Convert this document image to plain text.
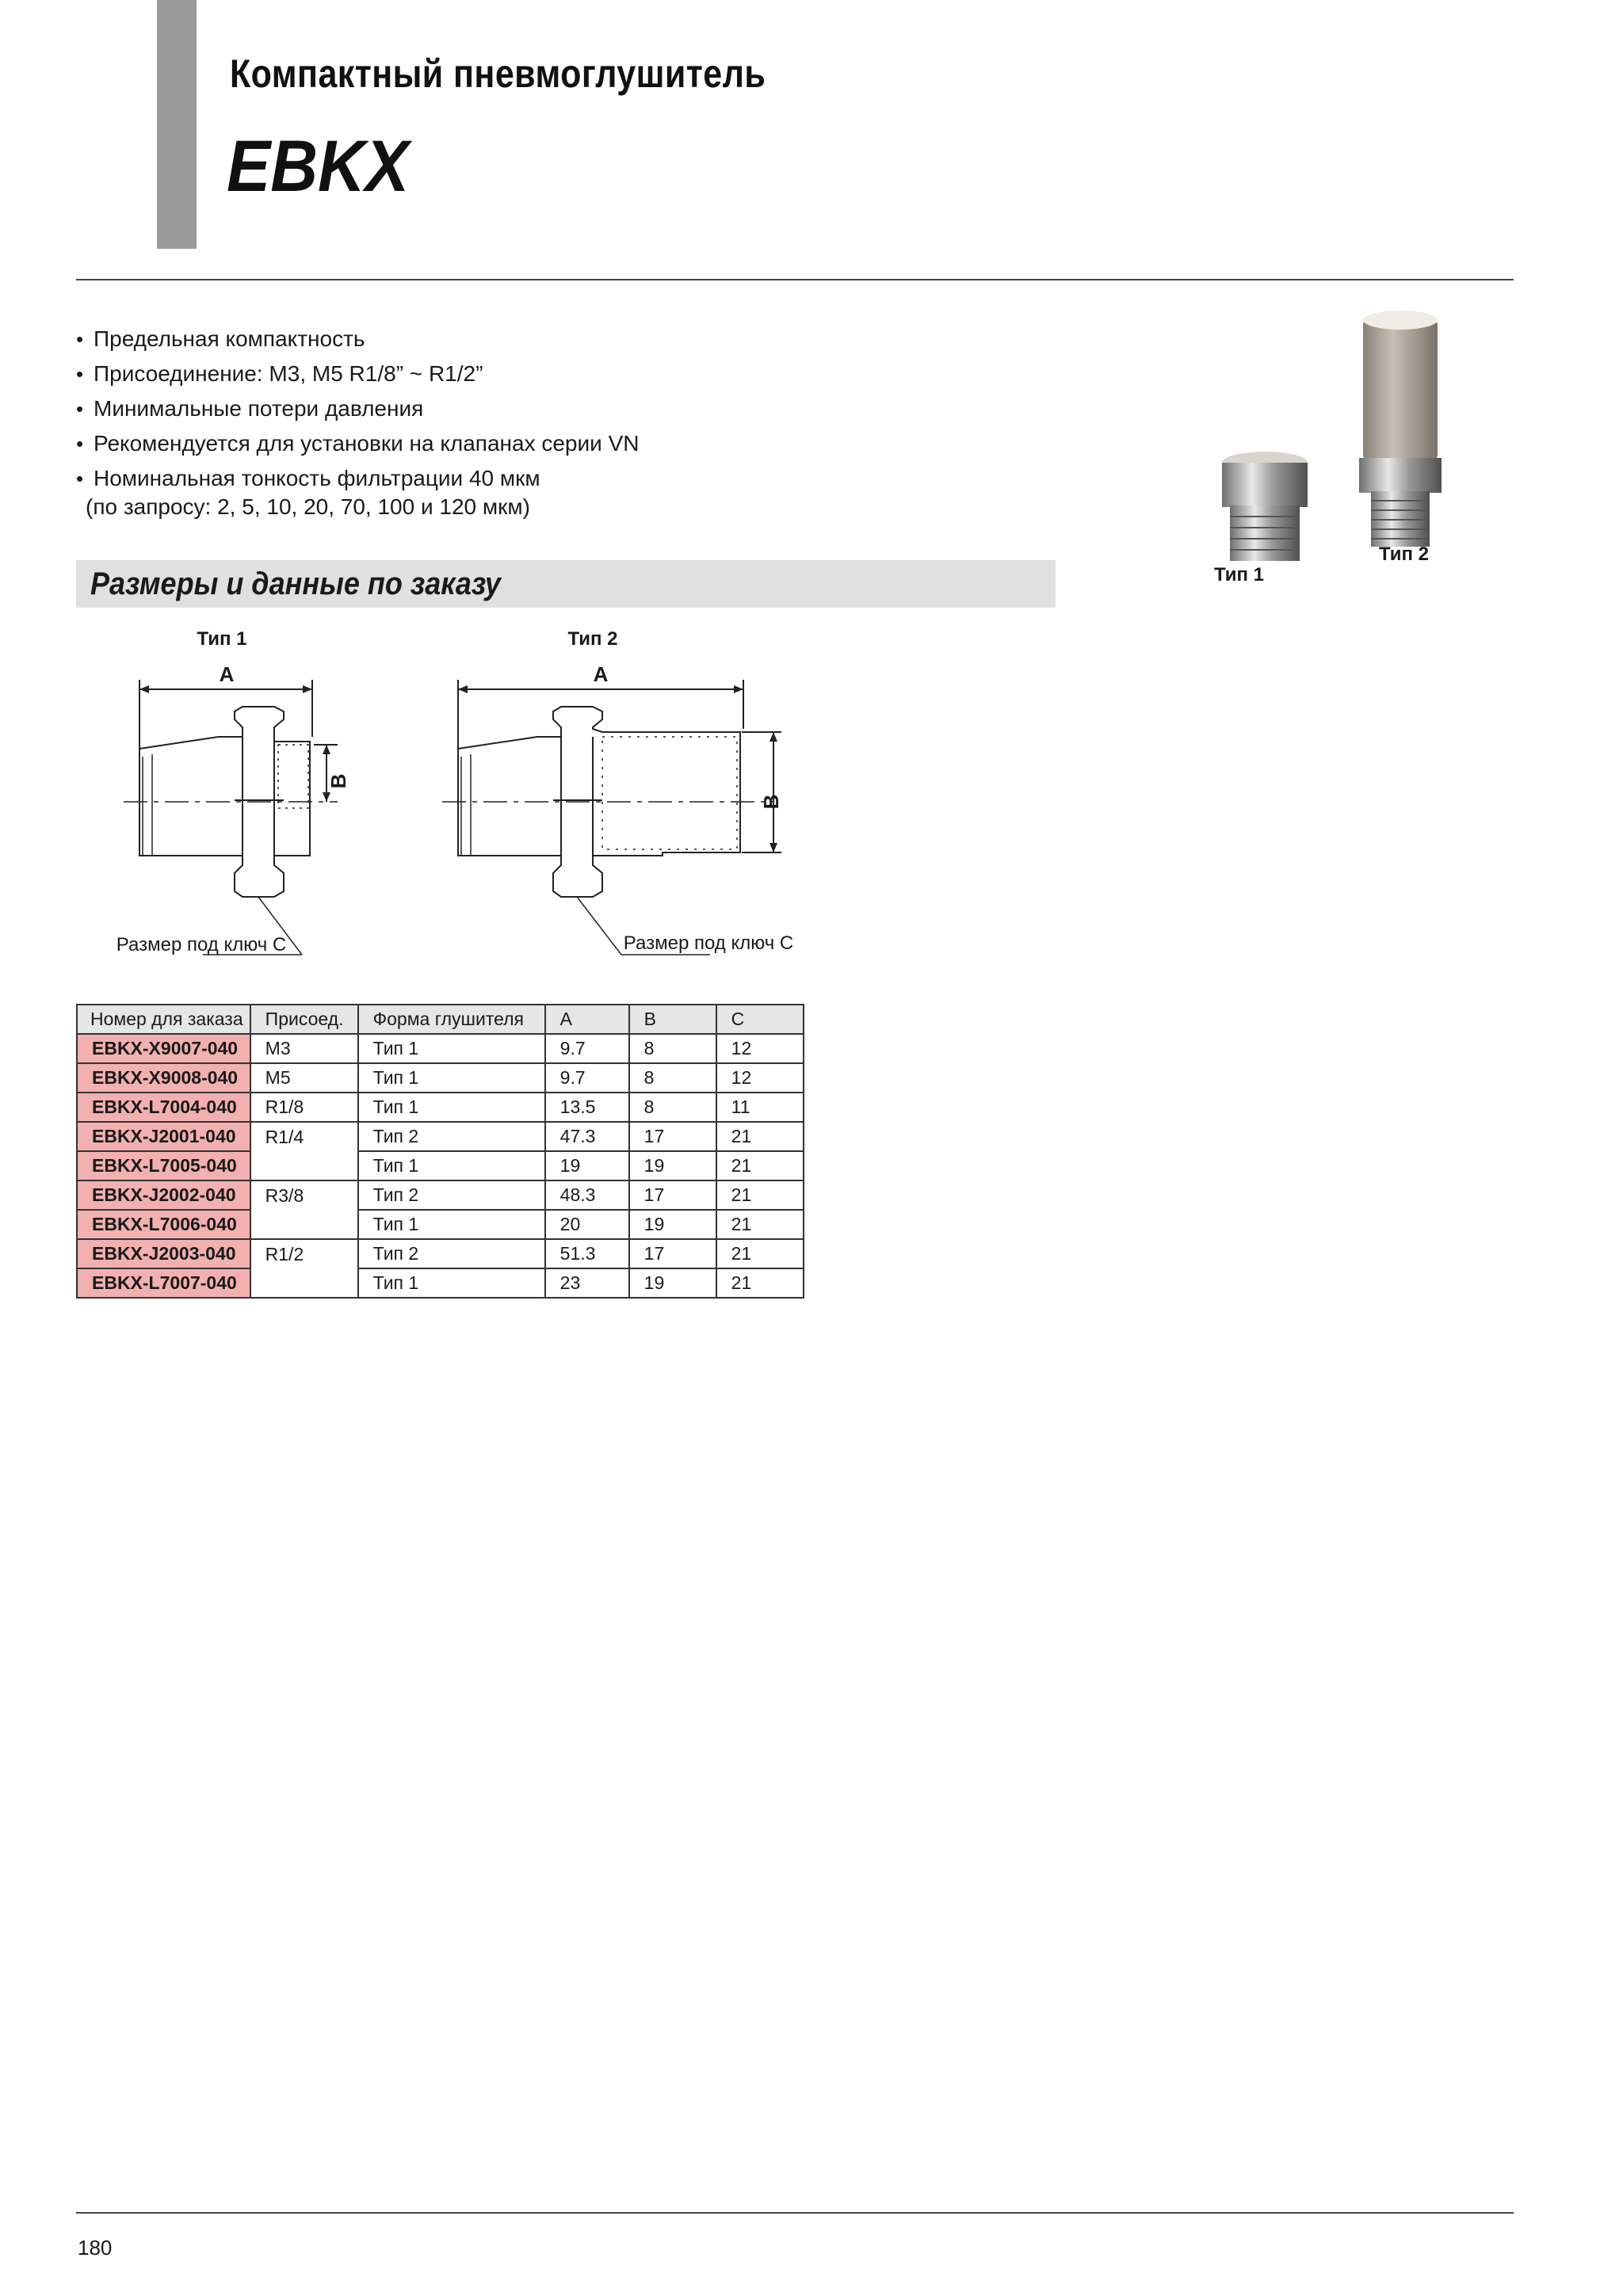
Компактный пневмоглушитель
EBKX
• Предельная компактность
• Присоединение: M3, M5 R1/8” ~ R1/2”
• Минимальные потери давления
• Рекомендуется для установки на клапанах серии VN
• Номинальная тонкость фильтрации 40 мкм
(по запросу: 2, 5, 10, 20, 70, 100 и 120 мкм)
Тип 1
Тип 2
Размеры и данные по заказу
Тип 1
A
B
Размер под ключ C
Тип 2
A
B
Размер под ключ C
Номер для заказа	Присоед.	Форма глушителя	A	B	C
EBKX-X9007-040	M3	Тип 1	9.7	8	12
EBKX-X9008-040	M5	Тип 1	9.7	8	12
EBKX-L7004-040	R1/8	Тип 1	13.5	8	11
EBKX-J2001-040	R1/4	Тип 2	47.3	17	21
EBKX-L7005-040		Тип 1	19	19	21
EBKX-J2002-040	R3/8	Тип 2	48.3	17	21
EBKX-L7006-040		Тип 1	20	19	21
EBKX-J2003-040	R1/2	Тип 2	51.3	17	21
EBKX-L7007-040		Тип 1	23	19	21
180
